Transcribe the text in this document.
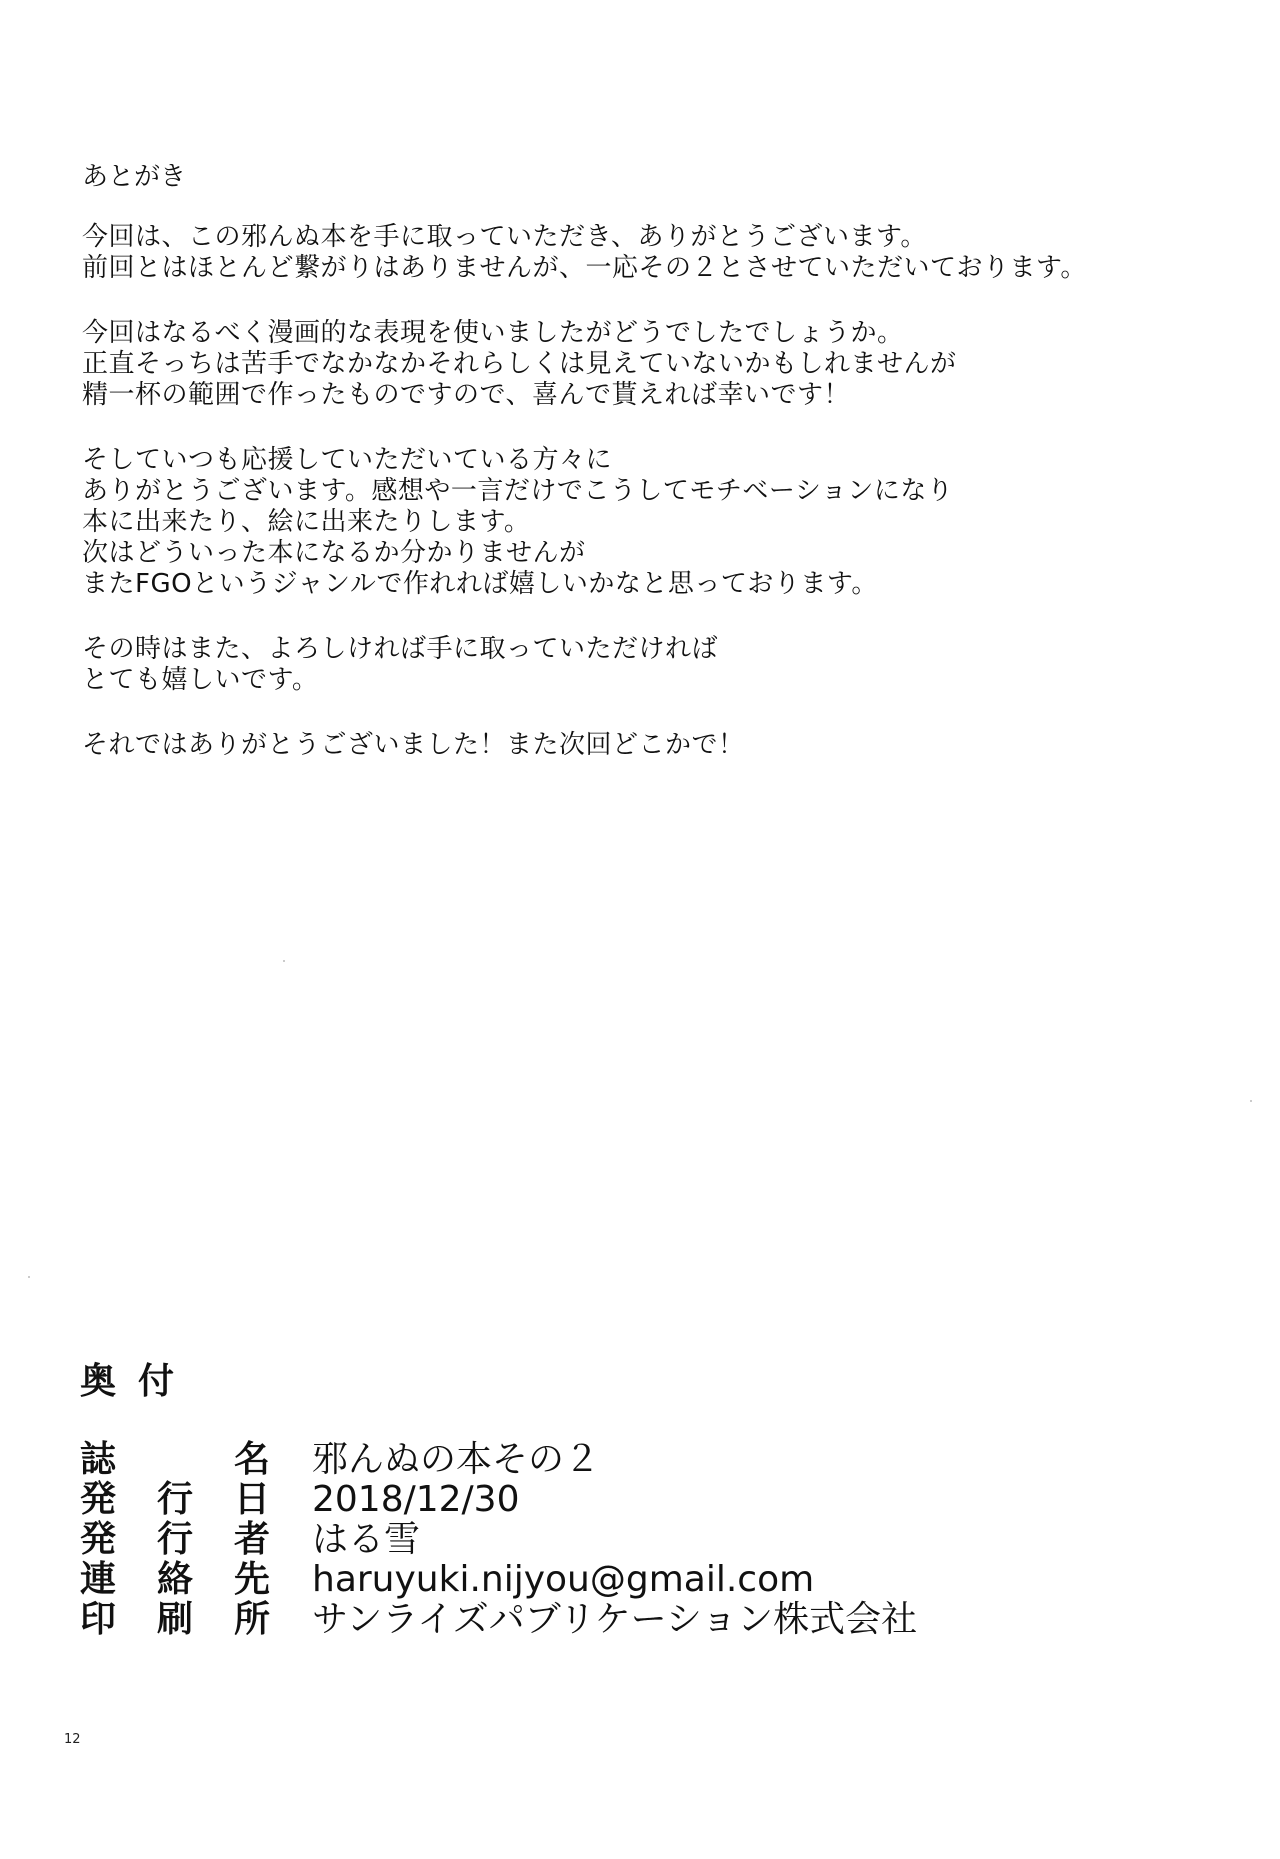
あとがき
今回は、この邪んぬ本を手に取っていただき、ありがとうございます。
前回とはほとんど繋がりはありませんが、一応その２とさせていただいております。
今回はなるべく漫画的な表現を使いましたがどうでしたでしょうか。
正直そっちは苦手でなかなかそれらしくは見えていないかもしれませんが
精一杯の範囲で作ったものですので、喜んで貰えれば幸いです！
そしていつも応援していただいている方々に
ありがとうございます。感想や一言だけでこうしてモチベーションになり
本に出来たり、絵に出来たりします。
次はどういった本になるか分かりませんが
またFGOというジャンルで作れれば嬉しいかなと思っております。
その時はまた、よろしければ手に取っていただければ
とても嬉しいです。
それではありがとうございました！また次回どこかで！
奥付
誌	名 邪んぬの本その２
発 行 日 2018/12/30
発 行 者 はる雪
連 絡 先 haruyuki.nijyou@gmail.com
印 刷 所 サンライズパブリケーション株式会社
12
